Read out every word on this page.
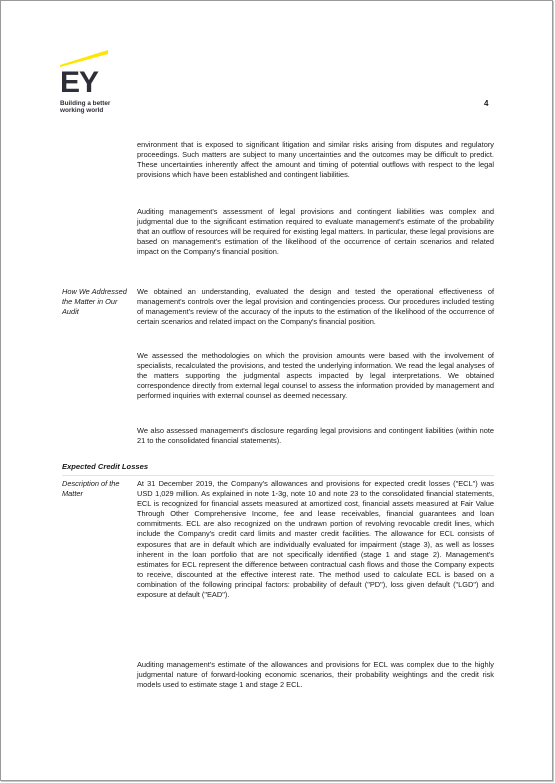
EY
Building a better
working world
4

environment that is exposed to significant litigation and similar risks arising from disputes and regulatory proceedings. Such matters are subject to many uncertainties and the outcomes may be difficult to predict. These uncertainties inherently affect the amount and timing of potential outflows with respect to the legal provisions which have been established and contingent liabilities.

Auditing management's assessment of legal provisions and contingent liabilities was complex and judgmental due to the significant estimation required to evaluate management's estimate of the probability that an outflow of resources will be required for existing legal matters. In particular, these legal provisions are based on management's estimation of the likelihood of the occurrence of certain scenarios and related impact on the Company's financial position.

How We Addressed the Matter in Our Audit

We obtained an understanding, evaluated the design and tested the operational effectiveness of management's controls over the legal provision and contingencies process. Our procedures included testing of management's review of the accuracy of the inputs to the estimation of the likelihood of the occurrence of certain scenarios and related impact on the Company's financial position.

We assessed the methodologies on which the provision amounts were based with the involvement of specialists, recalculated the provisions, and tested the underlying information. We read the legal analyses of the matters supporting the judgmental aspects impacted by legal interpretations. We obtained correspondence directly from external legal counsel to assess the information provided by management and performed inquiries with external counsel as deemed necessary.

We also assessed management's disclosure regarding legal provisions and contingent liabilities (within note 21 to the consolidated financial statements).

Expected Credit Losses

Description of the Matter

At 31 December 2019, the Company's allowances and provisions for expected credit losses ("ECL") was USD 1,029 million. As explained in note 1-3g, note 10 and note 23 to the consolidated financial statements, ECL is recognized for financial assets measured at amortized cost, financial assets measured at Fair Value Through Other Comprehensive Income, fee and lease receivables, financial guarantees and loan commitments. ECL are also recognized on the undrawn portion of revolving revocable credit lines, which include the Company's credit card limits and master credit facilities. The allowance for ECL consists of exposures that are in default which are individually evaluated for impairment (stage 3), as well as losses inherent in the loan portfolio that are not specifically identified (stage 1 and stage 2). Management's estimates for ECL represent the difference between contractual cash flows and those the Company expects to receive, discounted at the effective interest rate. The method used to calculate ECL is based on a combination of the following principal factors: probability of default ("PD"), loss given default ("LGD") and exposure at default ("EAD").

Auditing management's estimate of the allowances and provisions for ECL was complex due to the highly judgmental nature of forward-looking economic scenarios, their probability weightings and the credit risk models used to estimate stage 1 and stage 2 ECL.
